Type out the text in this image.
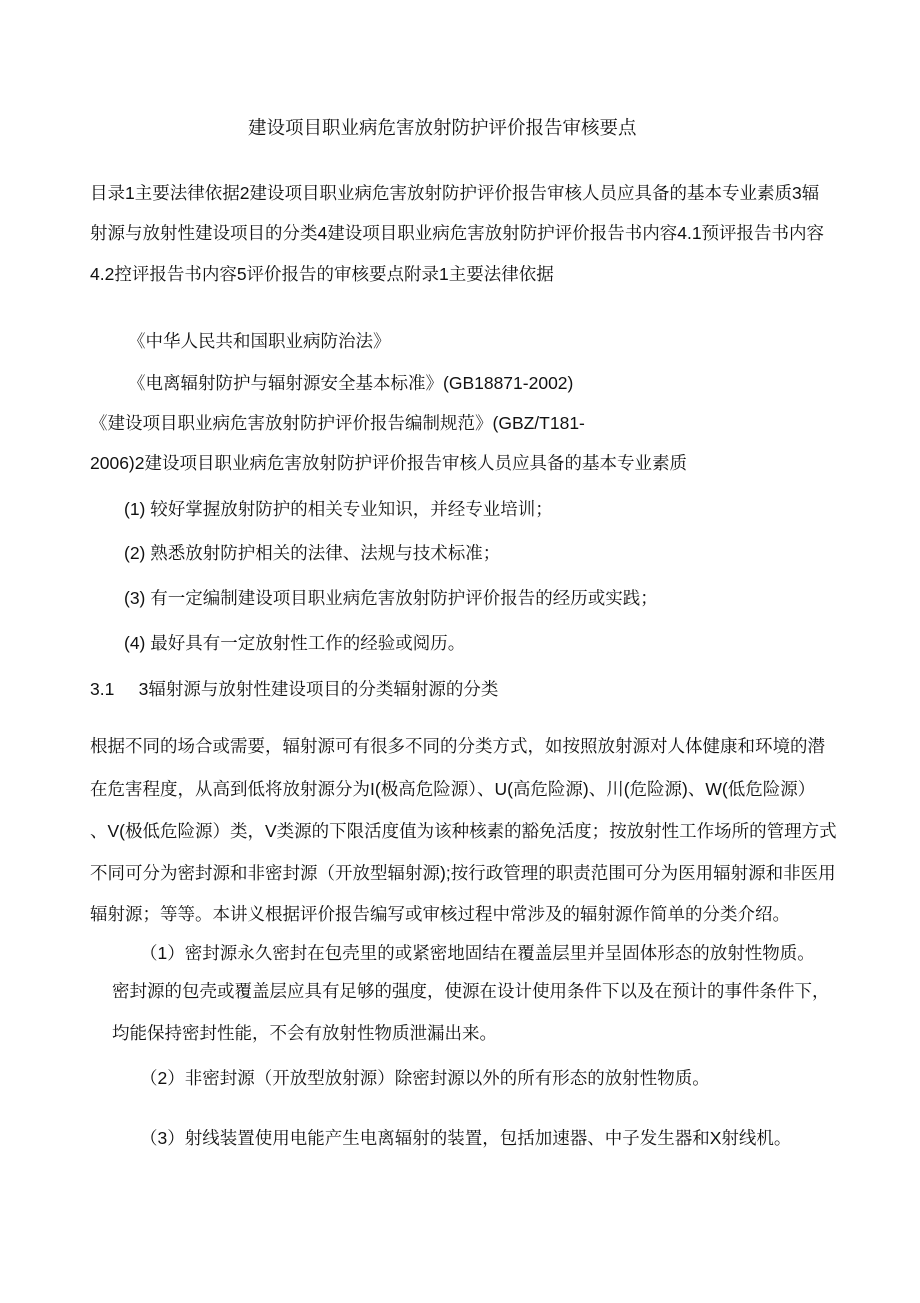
建设项目职业病危害放射防护评价报告审核要点
目录1主要法律依据2建设项目职业病危害放射防护评价报告审核人员应具备的基本专业素质3辐
射源与放射性建设项目的分类4建设项目职业病危害放射防护评价报告书内容4.1预评报告书内容
4.2控评报告书内容5评价报告的审核要点附录1主要法律依据
《中华人民共和国职业病防治法》
《电离辐射防护与辐射源安全基本标准》(GB18871-2002)
《建设项目职业病危害放射防护评价报告编制规范》(GBZ/T181-
2006)2建设项目职业病危害放射防护评价报告审核人员应具备的基本专业素质
(1) 较好掌握放射防护的相关专业知识，并经专业培训；
(2) 熟悉放射防护相关的法律、法规与技术标准；
(3) 有一定编制建设项目职业病危害放射防护评价报告的经历或实践；
(4) 最好具有一定放射性工作的经验或阅历。
3.1     3辐射源与放射性建设项目的分类辐射源的分类
根据不同的场合或需要，辐射源可有很多不同的分类方式，如按照放射源对人体健康和环境的潜
在危害程度，从高到低将放射源分为I(极高危险源）、U(高危险源)、川(危险源)、W(低危险源）
、V(极低危险源）类，V类源的下限活度值为该种核素的豁免活度；按放射性工作场所的管理方式
不同可分为密封源和非密封源（开放型辐射源);按行政管理的职责范围可分为医用辐射源和非医用
辐射源；等等。本讲义根据评价报告编写或审核过程中常涉及的辐射源作简单的分类介绍。
（1）密封源永久密封在包壳里的或紧密地固结在覆盖层里并呈固体形态的放射性物质。
密封源的包壳或覆盖层应具有足够的强度，使源在设计使用条件下以及在预计的事件条件下，
均能保持密封性能，不会有放射性物质泄漏出来。
（2）非密封源（开放型放射源）除密封源以外的所有形态的放射性物质。
（3）射线装置使用电能产生电离辐射的装置，包括加速器、中子发生器和X射线机。
